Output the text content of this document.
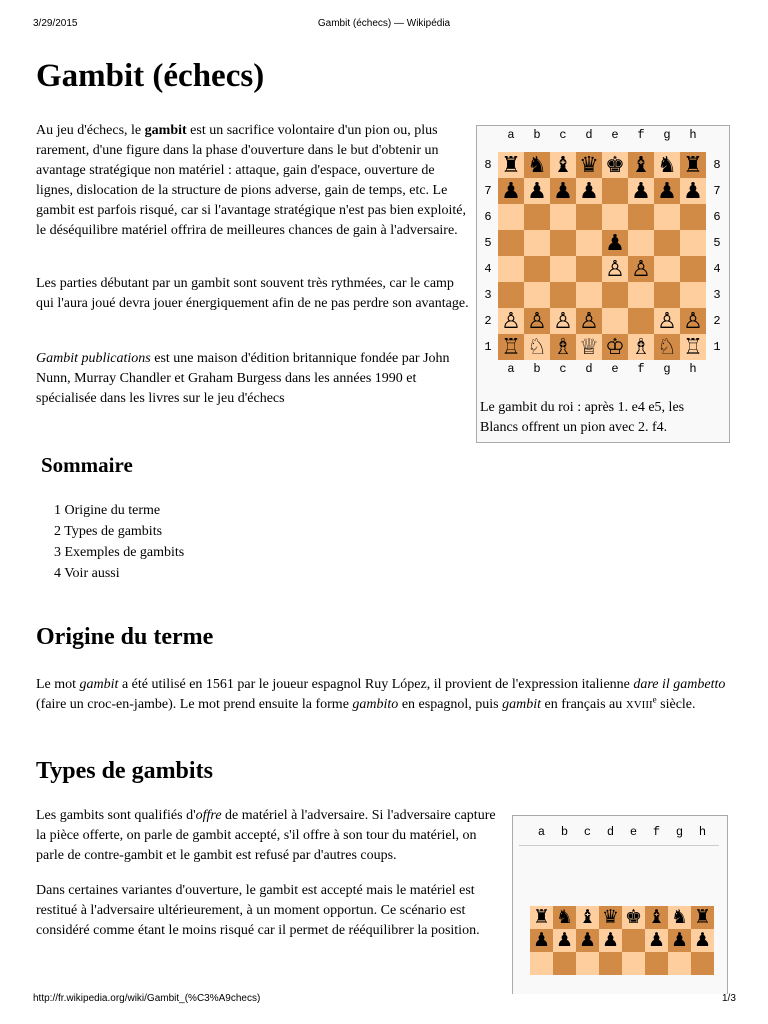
3/29/2015	Gambit (échecs) — Wikipédia
Gambit (échecs)

Au jeu d'échecs, le gambit est un sacrifice volontaire d'un pion ou, plus rarement, d'une figure dans la phase d'ouverture dans le but d'obtenir un avantage stratégique non matériel : attaque, gain d'espace, ouverture de lignes, dislocation de la structure de pions adverse, gain de temps, etc. Le gambit est parfois risqué, car si l'avantage stratégique n'est pas bien exploité, le déséquilibre matériel offrira de meilleures chances de gain à l'adversaire.

Les parties débutant par un gambit sont souvent très rythmées, car le camp qui l'aura joué devra jouer énergiquement afin de ne pas perdre son avantage.

Gambit publications est une maison d'édition britannique fondée par John Nunn, Murray Chandler et Graham Burgess dans les années 1990 et spécialisée dans les livres sur le jeu d'échecs

a	b	c	d	e	f	g	h
8	8
7	7
6	6
5	5
4	4
3	3
2	2
1	1
♜ ♞ ♝ ♛ ♚ ♝ ♞ ♜
♟ ♟ ♟ ♟ ♟ ♟ ♟
♟
♙ ♙
♙ ♙ ♙ ♙	♙ ♙
♖ ♘ ♗ ♕ ♔ ♗ ♘ ♖
a	b	c	d	e	f	g	h
Le gambit du roi : après 1. e4 e5, les Blancs offrent un pion avec 2. f4.
Sommaire
1 Origine du terme
2 Types de gambits
3 Exemples de gambits
4 Voir aussi
Origine du terme

Le mot gambit a été utilisé en 1561 par le joueur espagnol Ruy López, il provient de l'expression italienne dare il gambetto (faire un croc-en-jambe). Le mot prend ensuite la forme gambito en espagnol, puis gambit en français au XVIIIe siècle.

Types de gambits

Les gambits sont qualifiés d'offre de matériel à l'adversaire. Si l'adversaire capture la pièce offerte, on parle de gambit accepté, s'il offre à son tour du matériel, on parle de contre-gambit et le gambit est refusé par d'autres coups.

Dans certaines variantes d'ouverture, le gambit est accepté mais le matériel est restitué à l'adversaire ultérieurement, à un moment opportun. Ce scénario est considéré comme étant le moins risqué car il permet de rééquilibrer la position.

a	b	c	d	e	f	g	h
♜ ♞ ♝ ♛ ♚ ♝ ♞ ♜
♟ ♟ ♟ ♟ ♟ ♟ ♟
http://fr.wikipedia.org/wiki/Gambit_(%C3%A9checs)	1/3
